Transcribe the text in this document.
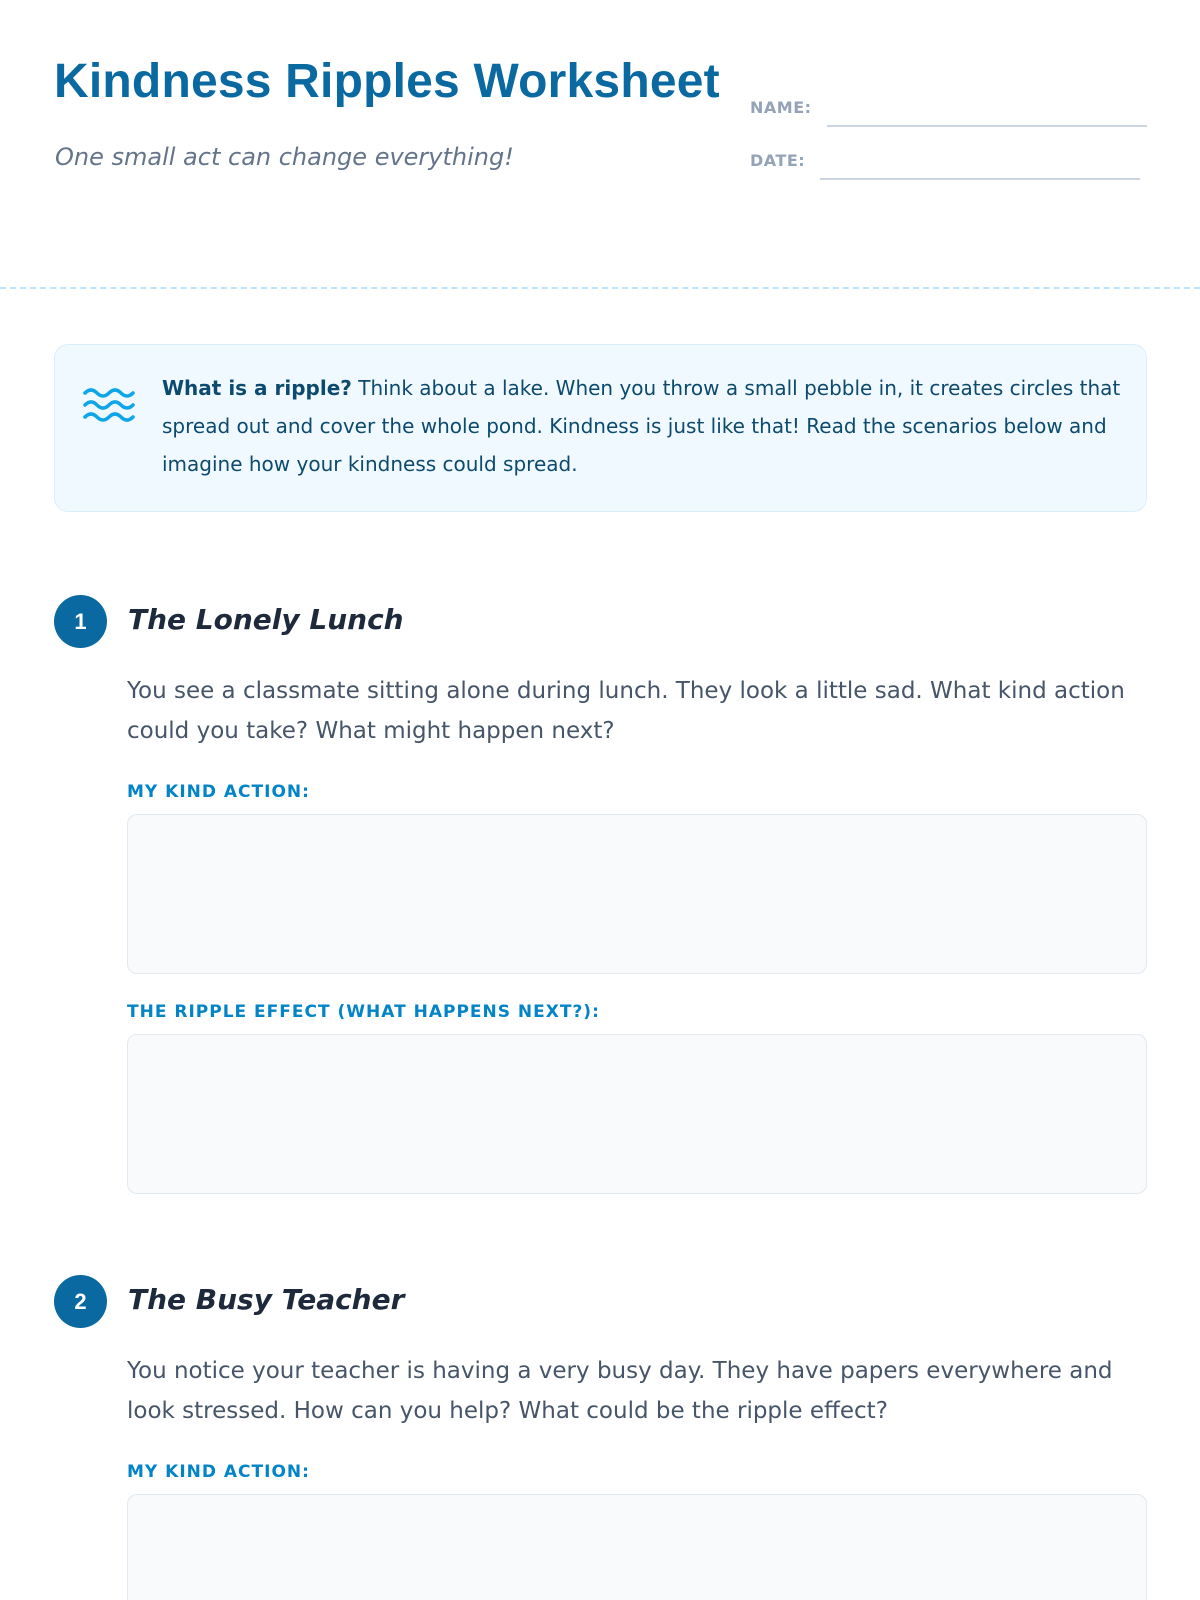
Kindness Ripples Worksheet
One small act can change everything!
NAME:
DATE:

What is a ripple? Think about a lake. When you throw a small pebble in, it creates circles that spread out and cover the whole pond. Kindness is just like that! Read the scenarios below and imagine how your kindness could spread.

1	The Lonely Lunch

You see a classmate sitting alone during lunch. They look a little sad. What kind action could you take? What might happen next?

MY KIND ACTION:
THE RIPPLE EFFECT (WHAT HAPPENS NEXT?):
2	The Busy Teacher

You notice your teacher is having a very busy day. They have papers everywhere and look stressed. How can you help? What could be the ripple effect?

MY KIND ACTION:
